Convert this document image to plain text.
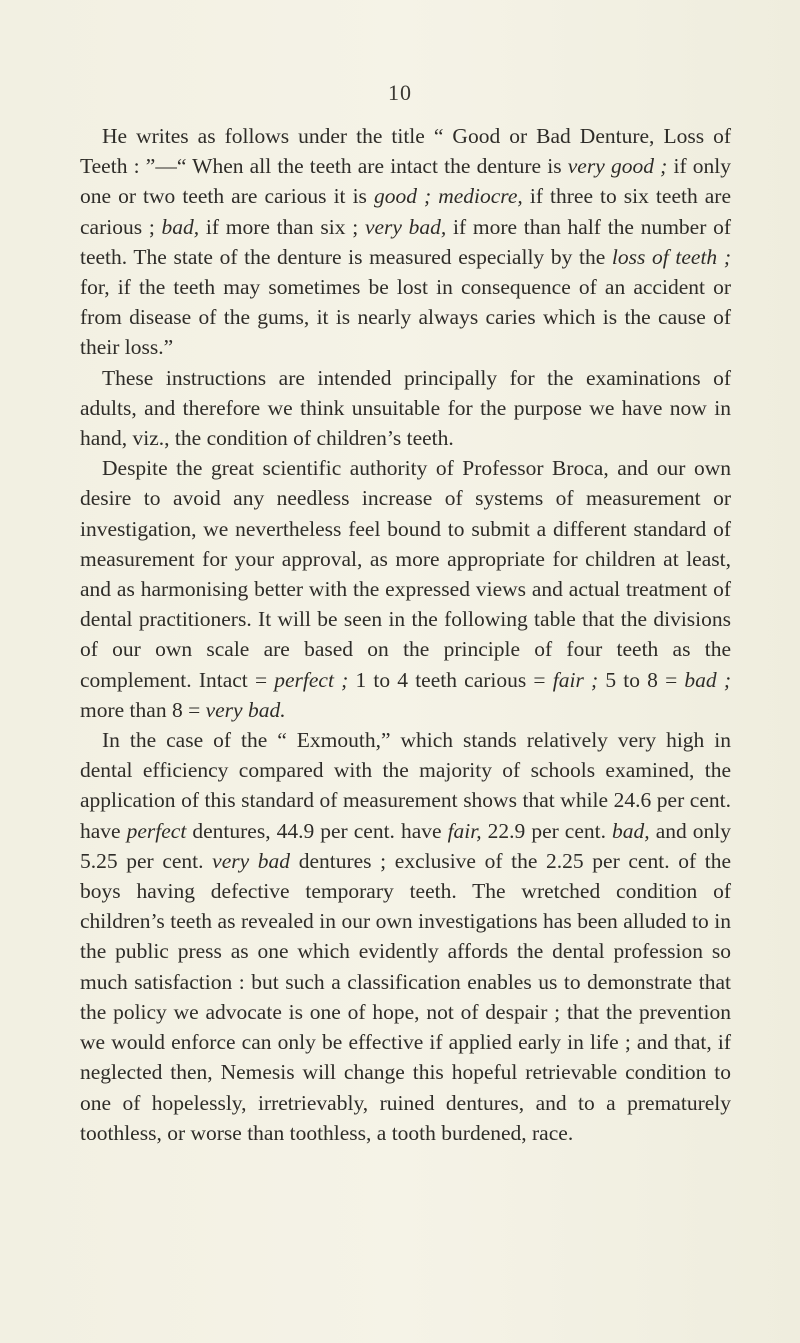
10

He writes as follows under the title “ Good or Bad Denture, Loss of Teeth : ”—“ When all the teeth are intact the denture is very good ; if only one or two teeth are carious it is good ; mediocre, if three to six teeth are carious ; bad, if more than six ; very bad, if more than half the number of teeth. The state of the denture is measured especially by the loss of teeth ; for, if the teeth may sometimes be lost in consequence of an accident or from disease of the gums, it is nearly always caries which is the cause of their loss.”

These instructions are intended principally for the examinations of adults, and therefore we think unsuitable for the purpose we have now in hand, viz., the condition of children’s teeth.

Despite the great scientific authority of Professor Broca, and our own desire to avoid any needless increase of systems of measurement or investigation, we nevertheless feel bound to submit a different standard of measurement for your approval, as more appropriate for children at least, and as harmonising better with the expressed views and actual treatment of dental practitioners. It will be seen in the following table that the divisions of our own scale are based on the principle of four teeth as the complement. Intact = perfect ; 1 to 4 teeth carious = fair ; 5 to 8 = bad ; more than 8 = very bad.

In the case of the “ Exmouth,” which stands relatively very high in dental efficiency compared with the majority of schools examined, the application of this standard of measurement shows that while 24.6 per cent. have perfect dentures, 44.9 per cent. have fair, 22.9 per cent. bad, and only 5.25 per cent. very bad dentures ; exclusive of the 2.25 per cent. of the boys having defective temporary teeth. The wretched condition of children’s teeth as revealed in our own investigations has been alluded to in the public press as one which evidently affords the dental profession so much satisfaction : but such a classification enables us to demonstrate that the policy we advocate is one of hope, not of despair ; that the prevention we would enforce can only be effective if applied early in life ; and that, if neglected then, Nemesis will change this hopeful retrievable condition to one of hopelessly, irretrievably, ruined dentures, and to a prematurely toothless, or worse than toothless, a tooth burdened, race.
